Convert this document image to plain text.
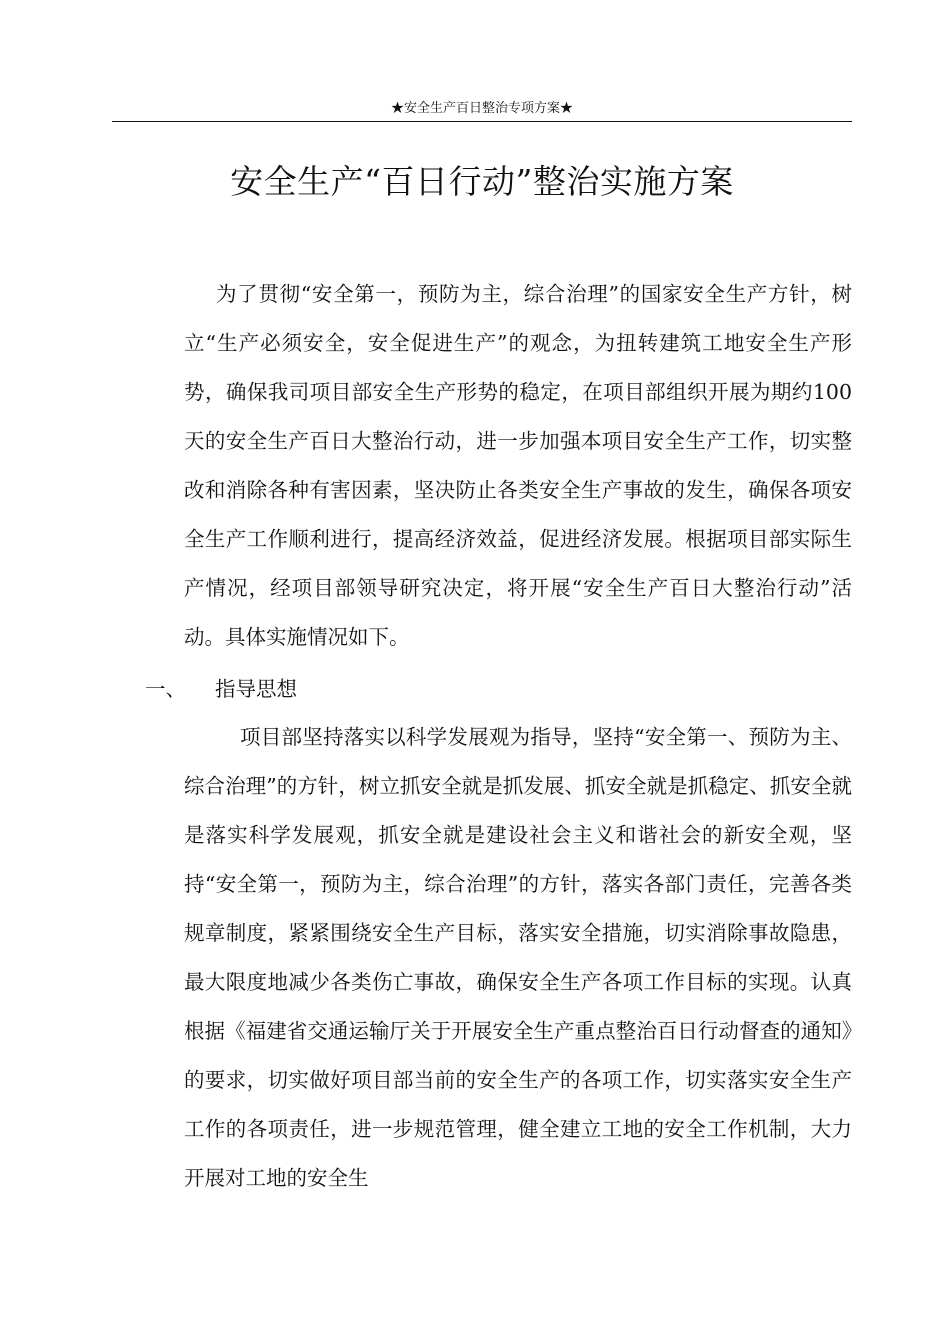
★安全生产百日整治专项方案★
安全生产“百日行动”整治实施方案

为了贯彻“安全第一，预防为主，综合治理”的国家安全生产方针，树立“生产必须安全，安全促进生产”的观念，为扭转建筑工地安全生产形势，确保我司项目部安全生产形势的稳定，在项目部组织开展为期约100天的安全生产百日大整治行动，进一步加强本项目安全生产工作，切实整改和消除各种有害因素，坚决防止各类安全生产事故的发生，确保各项安全生产工作顺利进行，提高经济效益，促进经济发展。根据项目部实际生产情况，经项目部领导研究决定，将开展“安全生产百日大整治行动”活动。具体实施情况如下。

一、 指导思想

项目部坚持落实以科学发展观为指导，坚持“安全第一、预防为主、综合治理”的方针，树立抓安全就是抓发展、抓安全就是抓稳定、抓安全就是落实科学发展观，抓安全就是建设社会主义和谐社会的新安全观，坚持“安全第一，预防为主，综合治理”的方针，落实各部门责任，完善各类规章制度，紧紧围绕安全生产目标，落实安全措施，切实消除事故隐患，最大限度地减少各类伤亡事故，确保安全生产各项工作目标的实现。认真根据《福建省交通运输厅关于开展安全生产重点整治百日行动督查的通知》的要求，切实做好项目部当前的安全生产的各项工作，切实落实安全生产工作的各项责任，进一步规范管理，健全建立工地的安全工作机制，大力开展对工地的安全生
